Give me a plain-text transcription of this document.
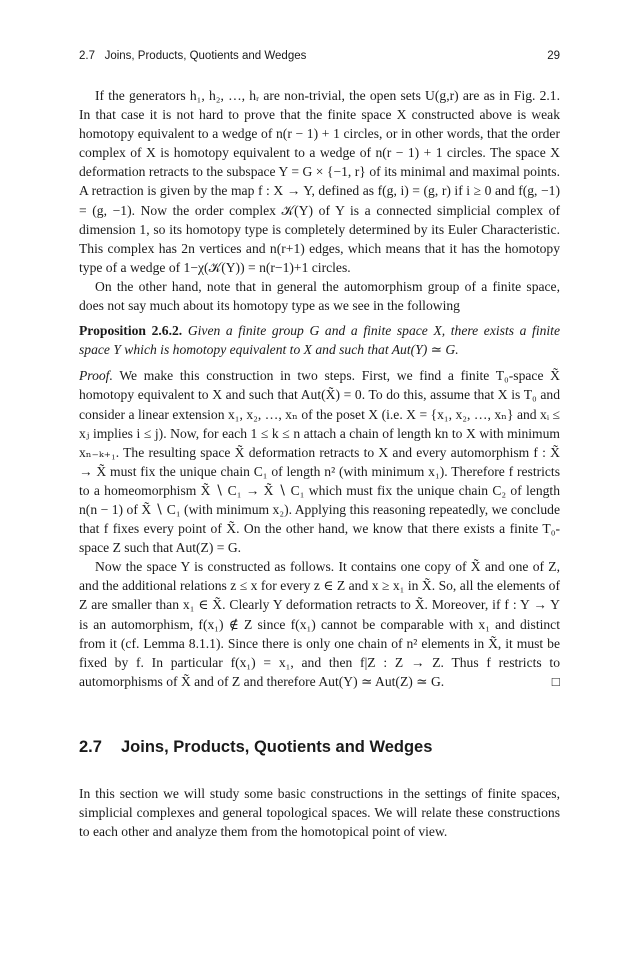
2.7   Joins, Products, Quotients and Wedges	29

If the generators h₁, h₂, …, hᵣ are non-trivial, the open sets U(g,r) are as in Fig. 2.1. In that case it is not hard to prove that the finite space X constructed above is weak homotopy equivalent to a wedge of n(r − 1) + 1 circles, or in other words, that the order complex of X is homotopy equivalent to a wedge of n(r − 1) + 1 circles. The space X deformation retracts to the subspace Y = G × {−1, r} of its minimal and maximal points. A retraction is given by the map f : X → Y, defined as f(g, i) = (g, r) if i ≥ 0 and f(g, −1) = (g, −1). Now the order complex 𝒦(Y) of Y is a connected simplicial complex of dimension 1, so its homotopy type is completely determined by its Euler Characteristic. This complex has 2n vertices and n(r+1) edges, which means that it has the homotopy type of a wedge of 1−χ(𝒦(Y)) = n(r−1)+1 circles.

On the other hand, note that in general the automorphism group of a finite space, does not say much about its homotopy type as we see in the following

Proposition 2.6.2. Given a finite group G and a finite space X, there exists a finite space Y which is homotopy equivalent to X and such that Aut(Y) ≃ G.

Proof. We make this construction in two steps. First, we find a finite T₀-space X̃ homotopy equivalent to X and such that Aut(X̃) = 0. To do this, assume that X is T₀ and consider a linear extension x₁, x₂, …, xₙ of the poset X (i.e. X = {x₁, x₂, …, xₙ} and xᵢ ≤ xⱼ implies i ≤ j). Now, for each 1 ≤ k ≤ n attach a chain of length kn to X with minimum xₙ₋ₖ₊₁. The resulting space X̃ deformation retracts to X and every automorphism f : X̃ → X̃ must fix the unique chain C₁ of length n² (with minimum x₁). Therefore f restricts to a homeomorphism X̃ ∖ C₁ → X̃ ∖ C₁ which must fix the unique chain C₂ of length n(n − 1) of X̃ ∖ C₁ (with minimum x₂). Applying this reasoning repeatedly, we conclude that f fixes every point of X̃. On the other hand, we know that there exists a finite T₀-space Z such that Aut(Z) = G.

Now the space Y is constructed as follows. It contains one copy of X̃ and one of Z, and the additional relations z ≤ x for every z ∈ Z and x ≥ x₁ in X̃. So, all the elements of Z are smaller than x₁ ∈ X̃. Clearly Y deformation retracts to X̃. Moreover, if f : Y → Y is an automorphism, f(x₁) ∉ Z since f(x₁) cannot be comparable with x₁ and distinct from it (cf. Lemma 8.1.1). Since there is only one chain of n² elements in X̃, it must be fixed by f. In particular f(x₁) = x₁, and then f|Z : Z → Z. Thus f restricts to automorphisms of X̃ and of Z and therefore Aut(Y) ≃ Aut(Z) ≃ G.	□

2.7 Joins, Products, Quotients and Wedges

In this section we will study some basic constructions in the settings of finite spaces, simplicial complexes and general topological spaces. We will relate these constructions to each other and analyze them from the homotopical point of view.
